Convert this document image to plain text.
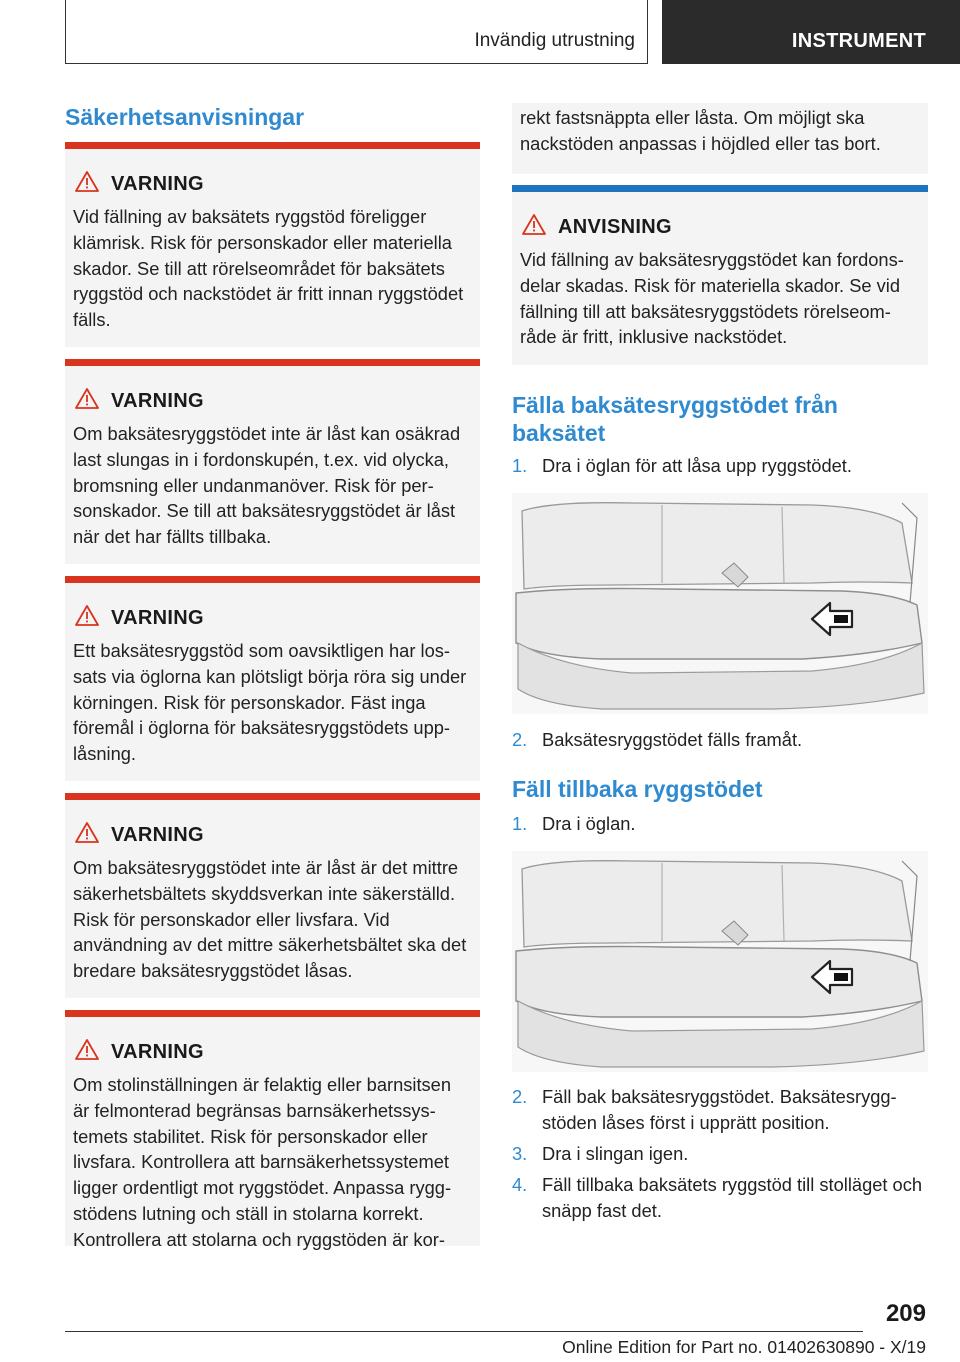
Invändig utrustning	INSTRUMENT
Säkerhetsanvisningar
VARNING
Vid fällning av baksätets ryggstöd föreligger klämrisk. Risk för personskador eller materiella skador. Se till att rörelseområdet för baksätets ryggstöd och nackstödet är fritt innan ryggstödet fälls.
VARNING
Om baksätesryggstödet inte är låst kan osäkrad last slungas in i fordonskupén, t.ex. vid olycka, bromsning eller undanmanöver. Risk för personskador. Se till att baksätesryggstödet är låst när det har fällts tillbaka.
VARNING
Ett baksätesryggstöd som oavsiktligen har lossats via öglorna kan plötsligt börja röra sig under körningen. Risk för personskador. Fäst inga föremål i öglorna för baksätesryggstödets upplåsning.
VARNING
Om baksätesryggstödet inte är låst är det mittre säkerhetsbältets skyddsverkan inte säkerställd. Risk för personskador eller livsfara. Vid användning av det mittre säkerhetsbältet ska det bredare baksätesryggstödet låsas.
VARNING
Om stolinställningen är felaktig eller barnsitsen är felmonterad begränsas barnsäkerhetssystemets stabilitet. Risk för personskador eller livsfara. Kontrollera att barnsäkerhetssystemet ligger ordentligt mot ryggstödet. Anpassa ryggstödens lutning och ställ in stolarna korrekt. Kontrollera att stolarna och ryggstöden är kor-
rekt fastsnäppta eller låsta. Om möjligt ska nackstöden anpassas i höjdled eller tas bort.
ANVISNING
Vid fällning av baksätesryggstödet kan fordonsdelar skadas. Risk för materiella skador. Se vid fällning till att baksätesryggstödets rörelseområde är fritt, inklusive nackstödet.
Fälla baksätesryggstödet från baksätet
1. Dra i öglan för att låsa upp ryggstödet.
2. Baksätesryggstödet fälls framåt.
Fäll tillbaka ryggstödet
1. Dra i öglan.
2. Fäll bak baksätesryggstödet. Baksätesryggstöden låses först i upprätt position.
3. Dra i slingan igen.
4. Fäll tillbaka baksätets ryggstöd till stolläget och snäpp fast det.
209
Online Edition for Part no. 01402630890 - X/19
